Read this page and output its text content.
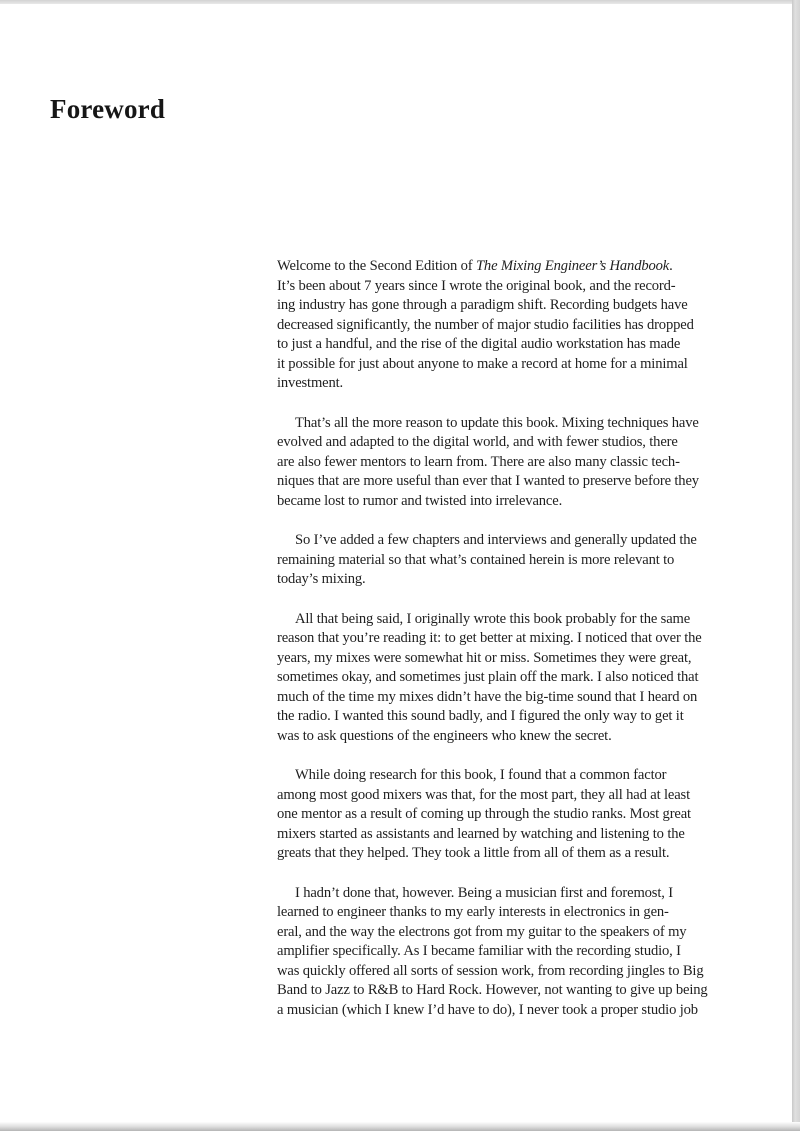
Foreword

Welcome to the Second Edition of The Mixing Engineer’s Handbook.
It’s been about 7 years since I wrote the original book, and the record-
ing industry has gone through a paradigm shift. Recording budgets have
decreased significantly, the number of major studio facilities has dropped
to just a handful, and the rise of the digital audio workstation has made
it possible for just about anyone to make a record at home for a minimal
investment.

That’s all the more reason to update this book. Mixing techniques have
evolved and adapted to the digital world, and with fewer studios, there
are also fewer mentors to learn from. There are also many classic tech-
niques that are more useful than ever that I wanted to preserve before they
became lost to rumor and twisted into irrelevance.

So I’ve added a few chapters and interviews and generally updated the
remaining material so that what’s contained herein is more relevant to
today’s mixing.

All that being said, I originally wrote this book probably for the same
reason that you’re reading it: to get better at mixing. I noticed that over the
years, my mixes were somewhat hit or miss. Sometimes they were great,
sometimes okay, and sometimes just plain off the mark. I also noticed that
much of the time my mixes didn’t have the big-time sound that I heard on
the radio. I wanted this sound badly, and I figured the only way to get it
was to ask questions of the engineers who knew the secret.

While doing research for this book, I found that a common factor
among most good mixers was that, for the most part, they all had at least
one mentor as a result of coming up through the studio ranks. Most great
mixers started as assistants and learned by watching and listening to the
greats that they helped. They took a little from all of them as a result.

I hadn’t done that, however. Being a musician first and foremost, I
learned to engineer thanks to my early interests in electronics in gen-
eral, and the way the electrons got from my guitar to the speakers of my
amplifier specifically. As I became familiar with the recording studio, I
was quickly offered all sorts of session work, from recording jingles to Big
Band to Jazz to R&B to Hard Rock. However, not wanting to give up being
a musician (which I knew I’d have to do), I never took a proper studio job
